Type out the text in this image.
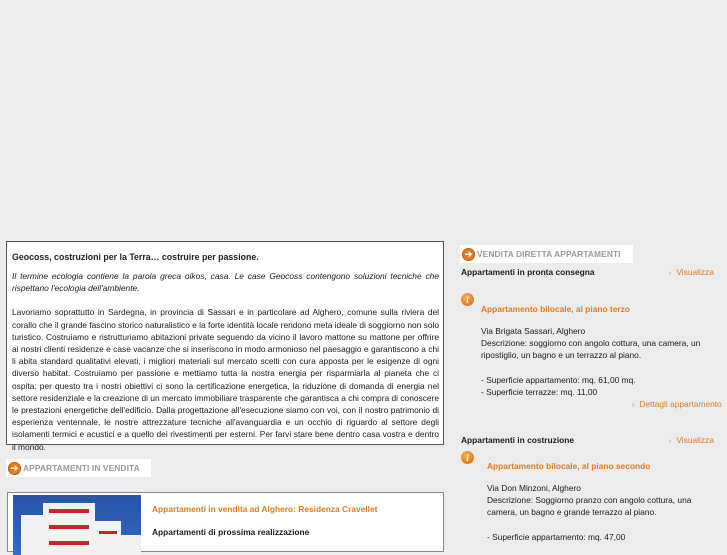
Geocoss, costruzioni per la Terra… costruire per passione.

Il termine ecologia contiene la parola greca oikos, casa. Le case Geocoss contengono soluzioni tecniche che rispettano l'ecologia dell'ambiente.

Lavoriamo soprattutto in Sardegna, in provincia di Sassari e in particolare ad Alghero, comune sulla riviera del corallo che il grande fascino storico naturalistico e la forte identità locale rendono meta ideale di soggiorno non solo turistico. Costruiamo e ristrutturiamo abitazioni private seguendo da vicino il lavoro mattone su mattone per offrire ai nostri clienti residenze e case vacanze che si inseriscono in modo armonioso nel paesaggio e garantiscono a chi li abita standard qualitativi elevati, i migliori materiali sul mercato scelti con cura apposta per le esigenze di ogni diverso habitat. Costruiamo per passione e mettiamo tutta la nostra energia per risparmiarla al pianeta che ci ospita: per questo tra i nostri obiettivi ci sono la certificazione energetica, la riduzione di domanda di energia nel settore residenziale e la creazione di un mercato immobiliare trasparente che garantisca a chi compra di conoscere le prestazioni energetiche dell'edificio. Dalla progettazione all'esecuzione siamo con voi, con il nostro patrimonio di esperienza ventennale, le nostre attrezzature tecniche all'avanguardia e un occhio di riguardo al settore degli isolamenti termici e acustici e a quello dei rivestimenti per esterni. Per farvi stare bene dentro casa vostra e dentro il mondo.

➔ APPARTAMENTI IN VENDITA
Appartamenti in vendita ad Alghero: Residenza Cravellet
Appartamenti di prossima realizzazione
➔ VENDITA DIRETTA APPARTAMENTI
Appartamenti in pronta consegna	› Visualizza
i
Appartamento bilocale, al piano terzo

Via Brigata Sassari, Alghero

Descrizione: soggiorno con angolo cottura, una camera, un ripostiglio, un bagno e un terrazzo al piano.

- Superficie appartamento: mq. 61,00 mq.

- Superficie terrazze: mq. 11,00

› Dettagli appartamento
Appartamenti in costruzione	› Visualizza
i
Appartamento bilocale, al piano secondo

Via Don Minzoni, Alghero

Descrizione: Soggiorno pranzo con angolo cottura, una camera, un bagno e grande terrazzo al piano.

- Superficie appartamento: mq. 47,00
